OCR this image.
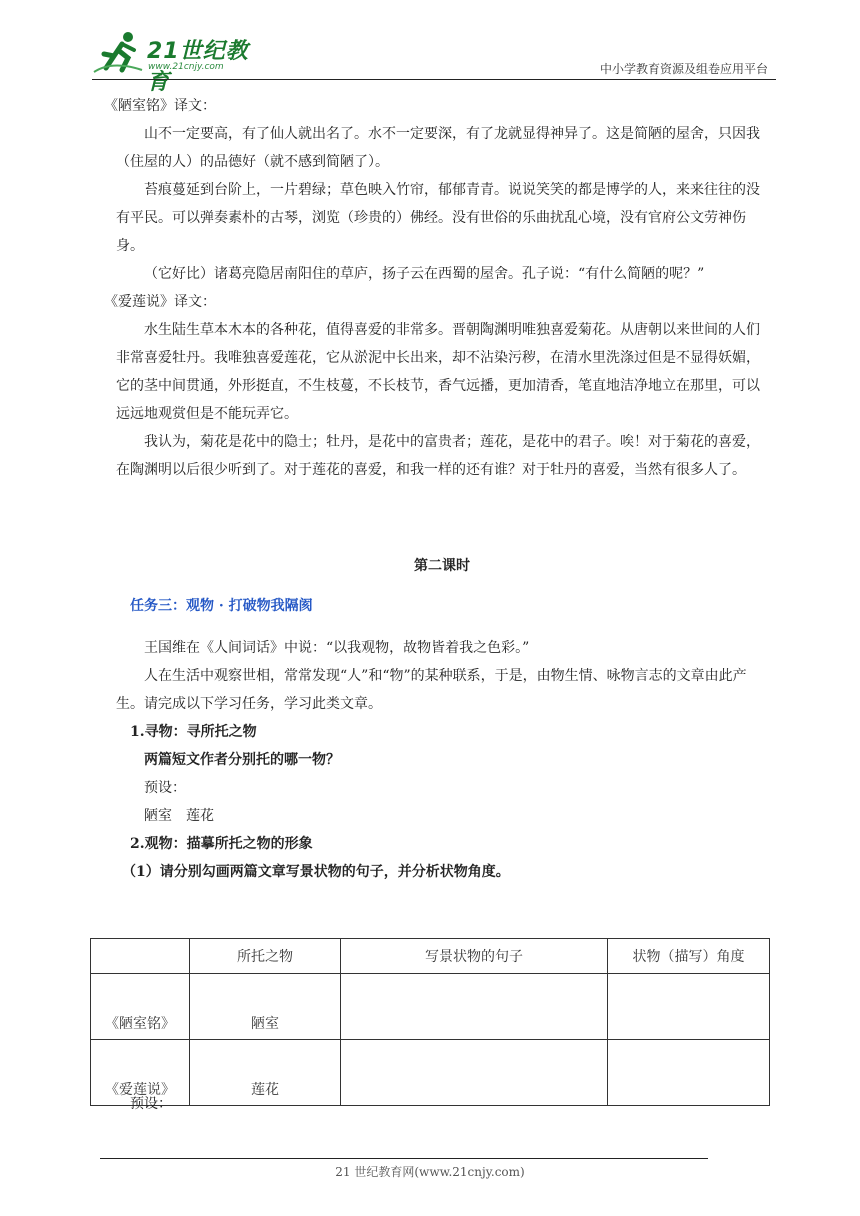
21世纪教育
www.21cnjy.com	中小学教育资源及组卷应用平台

《陋室铭》译文：

山不一定要高，有了仙人就出名了。水不一定要深，有了龙就显得神异了。这是简陋的屋舍，只因我（住屋的人）的品德好（就不感到简陋了）。

苔痕蔓延到台阶上，一片碧绿；草色映入竹帘，郁郁青青。说说笑笑的都是博学的人，来来往往的没有平民。可以弹奏素朴的古琴，浏览（珍贵的）佛经。没有世俗的乐曲扰乱心境，没有官府公文劳神伤身。

（它好比）诸葛亮隐居南阳住的草庐，扬子云在西蜀的屋舍。孔子说：“有什么简陋的呢？”

《爱莲说》译文：

水生陆生草本木本的各种花，值得喜爱的非常多。晋朝陶渊明唯独喜爱菊花。从唐朝以来世间的人们非常喜爱牡丹。我唯独喜爱莲花，它从淤泥中长出来，却不沾染污秽，在清水里洗涤过但是不显得妖媚，它的茎中间贯通，外形挺直，不生枝蔓，不长枝节，香气远播，更加清香，笔直地洁净地立在那里，可以远远地观赏但是不能玩弄它。

我认为，菊花是花中的隐士；牡丹，是花中的富贵者；莲花，是花中的君子。唉！对于菊花的喜爱，在陶渊明以后很少听到了。对于莲花的喜爱，和我一样的还有谁？对于牡丹的喜爱，当然有很多人了。

第二课时

任务三：观物 · 打破物我隔阂

王国维在《人间词话》中说：“以我观物，故物皆着我之色彩。”

人在生活中观察世相，常常发现“人”和“物”的某种联系，于是，由物生情、咏物言志的文章由此产生。请完成以下学习任务，学习此类文章。

1.寻物：寻所托之物

两篇短文作者分别托的哪一物？

预设：

陋室　莲花

2.观物：描摹所托之物的形象

（1）请分别勾画两篇文章写景状物的句子，并分析状物角度。

	所托之物	写景状物的句子	状物（描写）角度
《陋室铭》	陋室		
《爱莲说》	莲花		

预设：

21 世纪教育网(www.21cnjy.com)
